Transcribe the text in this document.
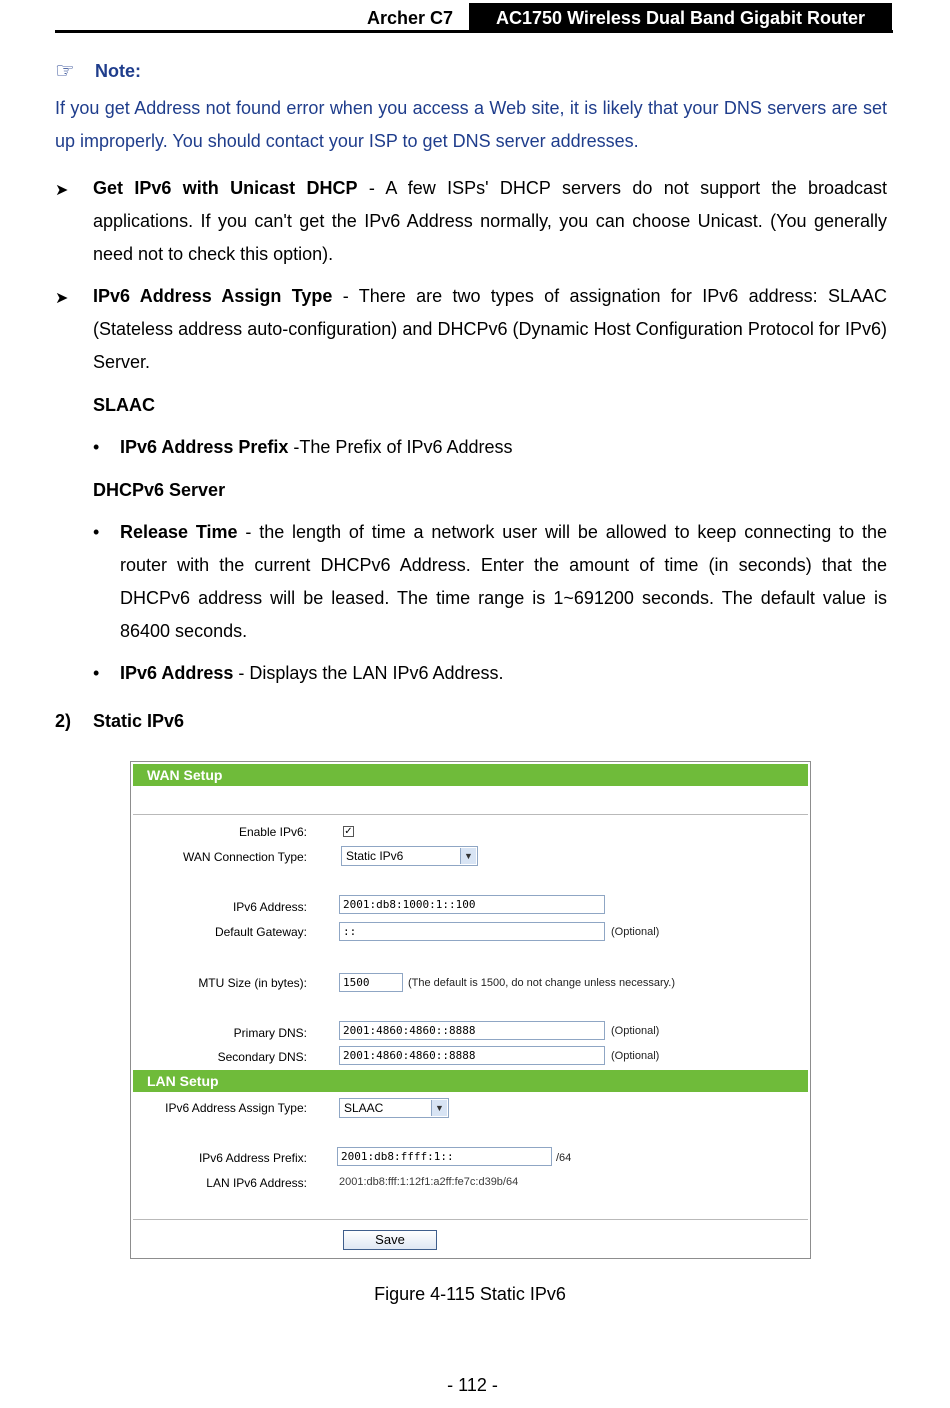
Archer C7	AC1750 Wireless Dual Band Gigabit Router
☞ Note:
If you get Address not found error when you access a Web site, it is likely that your DNS servers are set up improperly. You should contact your ISP to get DNS server addresses.
➤ Get IPv6 with Unicast DHCP - A few ISPs' DHCP servers do not support the broadcast applications. If you can't get the IPv6 Address normally, you can choose Unicast. (You generally need not to check this option).
➤ IPv6 Address Assign Type - There are two types of assignation for IPv6 address: SLAAC (Stateless address auto-configuration) and DHCPv6 (Dynamic Host Configuration Protocol for IPv6) Server.
SLAAC
• IPv6 Address Prefix -The Prefix of IPv6 Address
DHCPv6 Server
• Release Time - the length of time a network user will be allowed to keep connecting to the router with the current DHCPv6 Address. Enter the amount of time (in seconds) that the DHCPv6 address will be leased. The time range is 1~691200 seconds. The default value is 86400 seconds.
• IPv6 Address - Displays the LAN IPv6 Address.
2) Static IPv6
WAN Setup
Enable IPv6:	✓
WAN Connection Type:	Static IPv6	▼
IPv6 Address:	2001:db8:1000:1::100
Default Gateway:	::	(Optional)
MTU Size (in bytes):	1500	(The default is 1500, do not change unless necessary.)
Primary DNS:	2001:4860:4860::8888	(Optional)
Secondary DNS:	2001:4860:4860::8888	(Optional)
LAN Setup
IPv6 Address Assign Type:	SLAAC	▼
IPv6 Address Prefix:	2001:db8:ffff:1::	/64
LAN IPv6 Address:	2001:db8:fff:1:12f1:a2ff:fe7c:d39b/64
Save
Figure 4-115 Static IPv6
- 112 -
